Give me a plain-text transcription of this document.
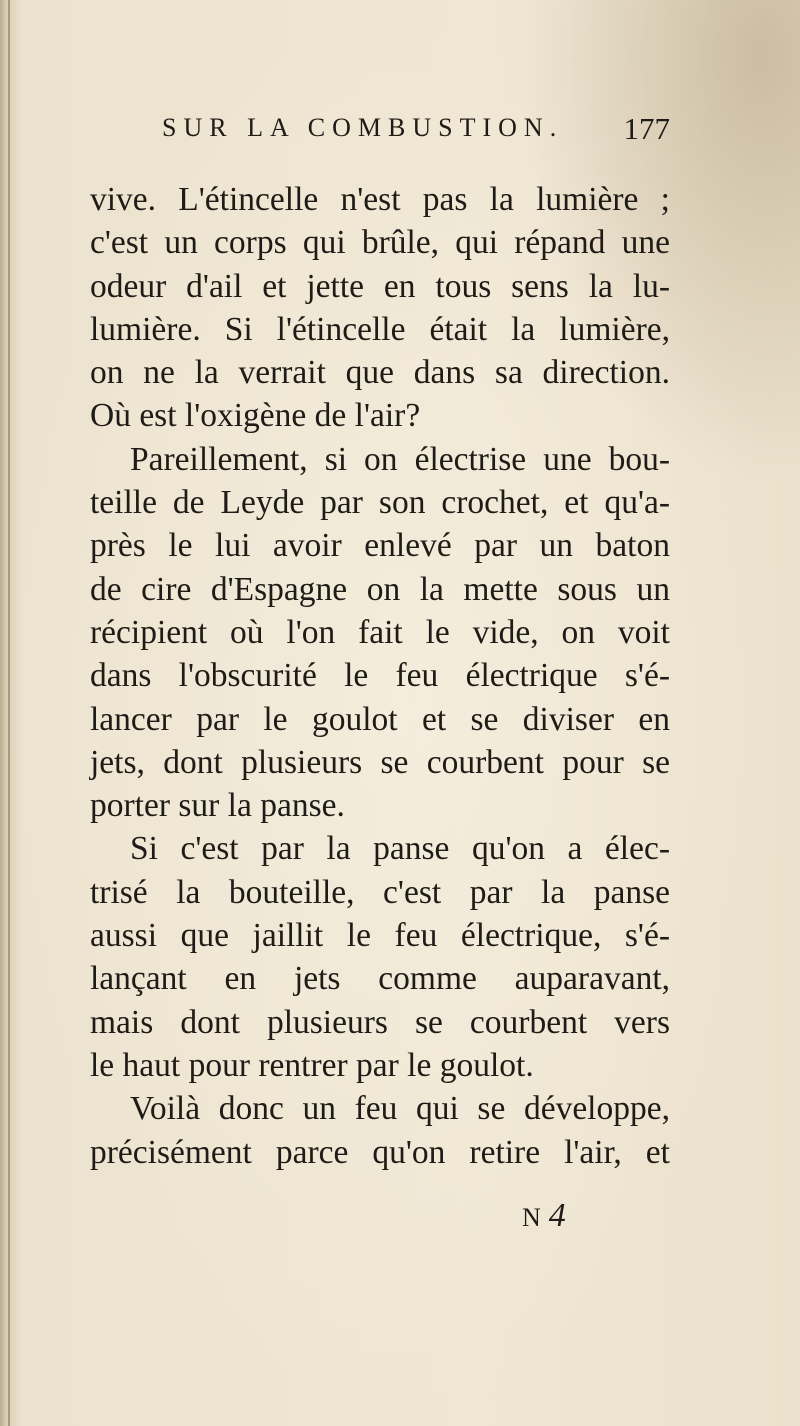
SUR LA COMBUSTION. 177
vive. L'étincelle n'est pas la lumière ;
c'est un corps qui brûle, qui répand une
odeur d'ail et jette en tous sens la lu-
lumière. Si l'étincelle était la lumière,
on ne la verrait que dans sa direction.
Où est l'oxigène de l'air?
Pareillement, si on électrise une bou-
teille de Leyde par son crochet, et qu'a-
près le lui avoir enlevé par un baton
de cire d'Espagne on la mette sous un
récipient où l'on fait le vide, on voit
dans l'obscurité le feu électrique s'é-
lancer par le goulot et se diviser en
jets, dont plusieurs se courbent pour se
porter sur la panse.
Si c'est par la panse qu'on a élec-
trisé la bouteille, c'est par la panse
aussi que jaillit le feu électrique, s'é-
lançant en jets comme auparavant,
mais dont plusieurs se courbent vers
le haut pour rentrer par le goulot.
Voilà donc un feu qui se développe,
précisément parce qu'on retire l'air, et
N 4
